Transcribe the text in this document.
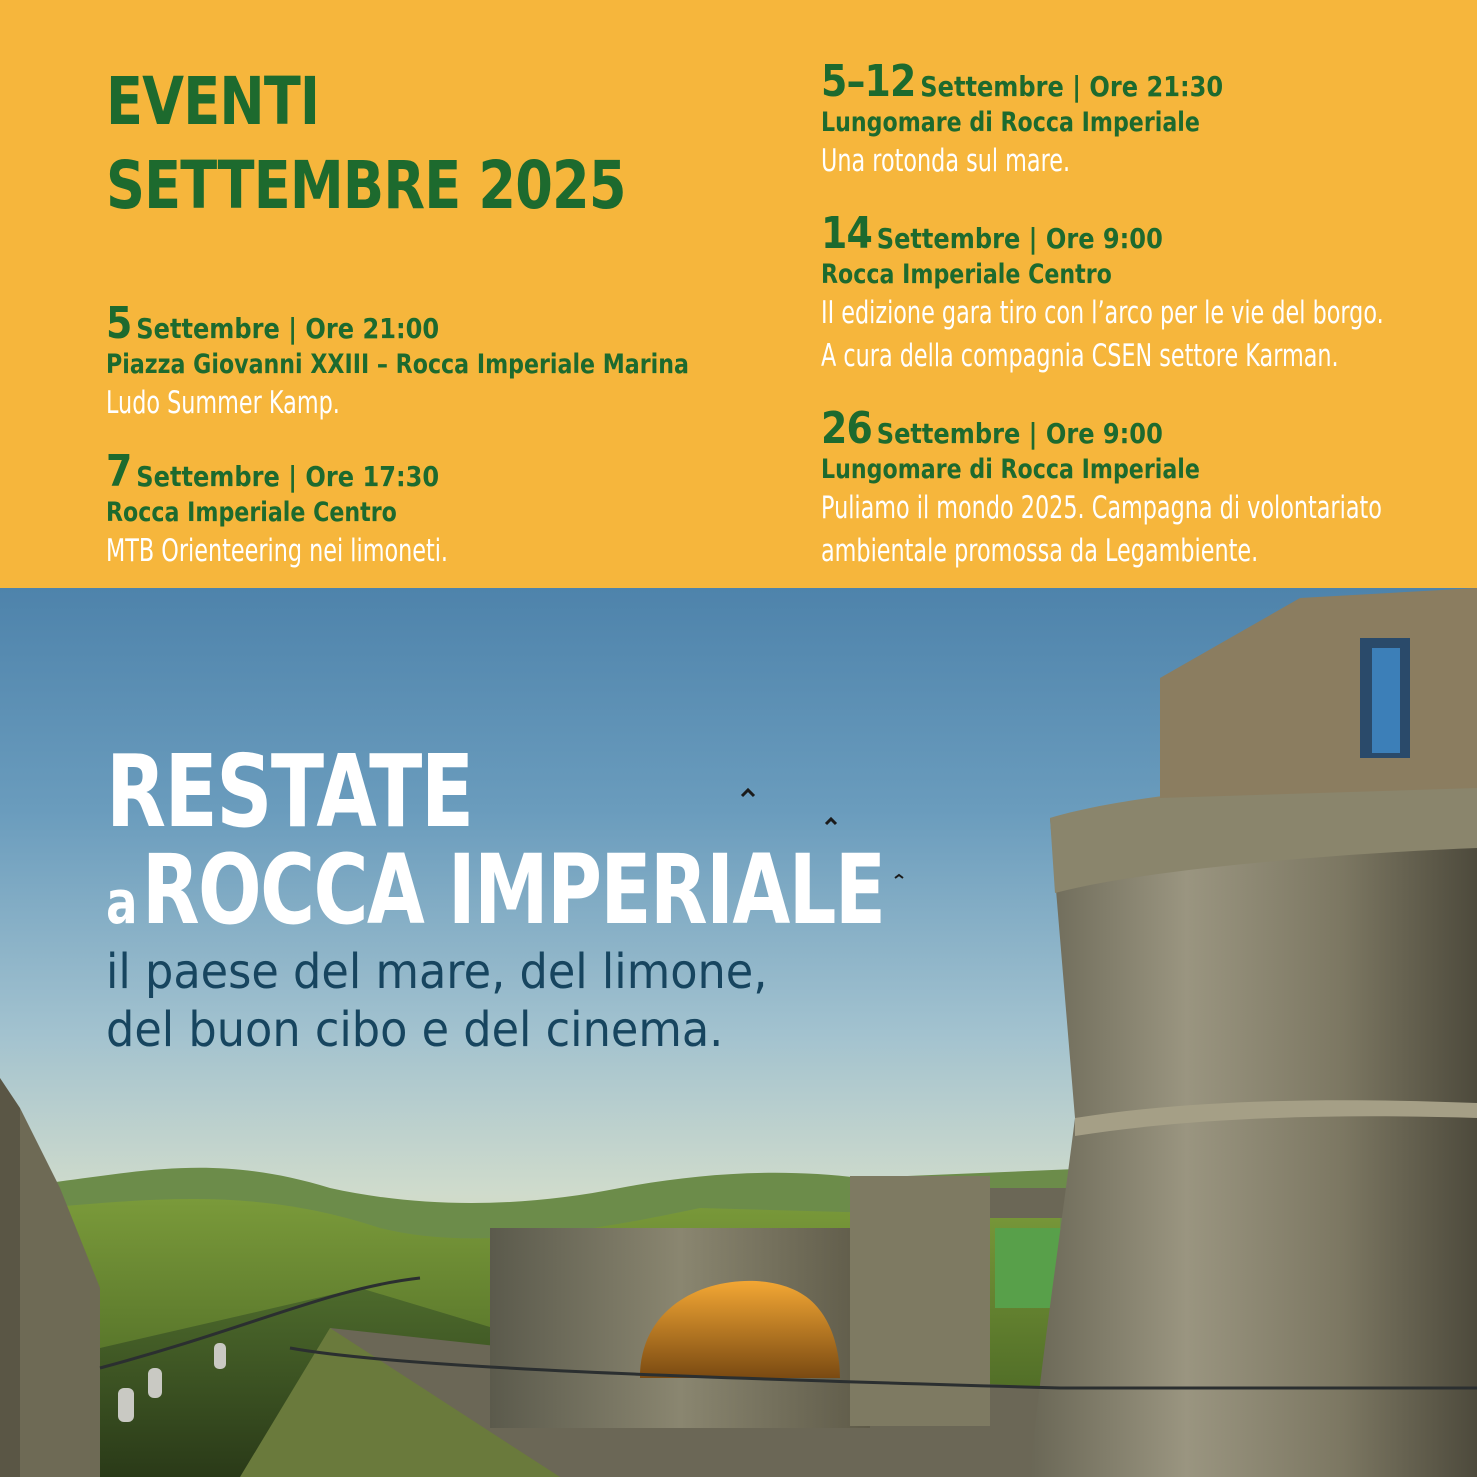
EVENTI
SETTEMBRE 2025
5 Settembre | Ore 21:00
Piazza Giovanni XXIII – Rocca Imperiale Marina
Ludo Summer Kamp.
7 Settembre | Ore 17:30
Rocca Imperiale Centro
MTB Orienteering nei limoneti.
5–12 Settembre | Ore 21:30
Lungomare di Rocca Imperiale
Una rotonda sul mare.
14 Settembre | Ore 9:00
Rocca Imperiale Centro
II edizione gara tiro con l’arco per le vie del borgo.
A cura della compagnia CSEN settore Karman.
26 Settembre | Ore 9:00
Lungomare di Rocca Imperiale
Puliamo il mondo 2025. Campagna di volontariato
ambientale promossa da Legambiente.
RESTATE
a ROCCA IMPERIALE
il paese del mare, del limone,
del buon cibo e del cinema.
